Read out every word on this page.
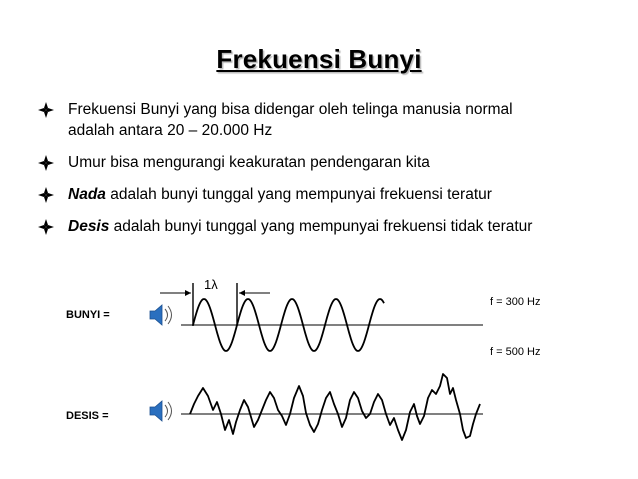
Frekuensi Bunyi
Frekuensi Bunyi yang bisa didengar oleh telinga manusia normal
adalah antara 20 – 20.000 Hz
Umur bisa mengurangi keakuratan pendengaran kita
Nada adalah bunyi tunggal yang mempunyai frekuensi teratur
Desis adalah bunyi tunggal yang mempunyai frekuensi tidak teratur
BUNYI =
DESIS =
1λ
f = 300 Hz
f = 500 Hz
